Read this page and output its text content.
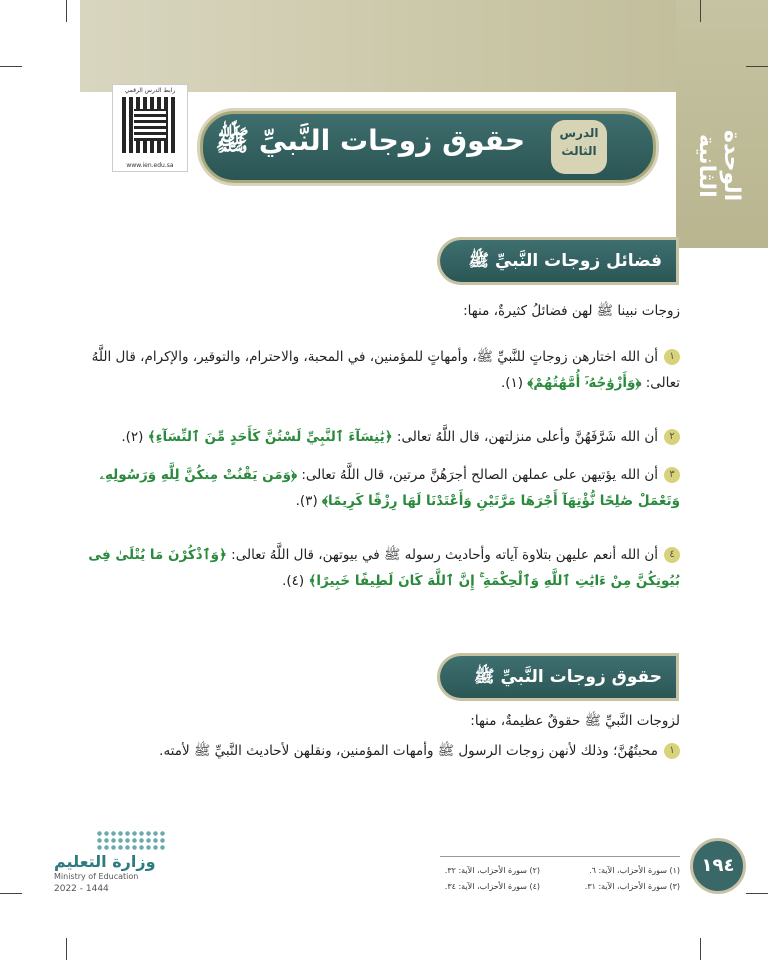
الوحدة الثانية
رابط الدرس الرقمي
www.ien.edu.sa
حقوق زوجات النَّبيِّ ﷺ	الدرس
الثالث
فضائل زوجات النَّبيِّ ﷺ
زوجات نبينا ﷺ لهن فضائلُ كثيرةٌ، منها:
١أن الله اختارهن زوجاتٍ للنَّبيِّ ﷺ، وأمهاتٍ للمؤمنين، في المحبة، والاحترام، والتوقير، والإكرام، قال اللَّهُ تعالى: ﴿وَأَزْوَٰجُهُۥٓ أُمَّهَٰتُهُمْ﴾ (١).
٢أن الله شَرَّفَهُنَّ وأعلى منزلتهن، قال اللَّهُ تعالى: ﴿يَٰنِسَآءَ ٱلنَّبِيِّ لَسْتُنَّ كَأَحَدٍ مِّنَ ٱلنِّسَآءِ﴾ (٢).
٣أن الله يؤتيهن على عملهن الصالح أجرَهُنَّ مرتين، قال اللَّهُ تعالى: ﴿وَمَن يَقْنُتْ مِنكُنَّ لِلَّهِ وَرَسُولِهِۦ وَتَعْمَلْ صَٰلِحًا نُّؤْتِهَآ أَجْرَهَا مَرَّتَيْنِ وَأَعْتَدْنَا لَهَا رِزْقًا كَرِيمًا﴾ (٣).
٤أن الله أنعم عليهن بتلاوة آياته وأحاديث رسوله ﷺ في بيوتهن، قال اللَّهُ تعالى: ﴿وَٱذْكُرْنَ مَا يُتْلَىٰ فِى بُيُوتِكُنَّ مِنْ ءَايَٰتِ ٱللَّهِ وَٱلْحِكْمَةِ ۚ إِنَّ ٱللَّهَ كَانَ لَطِيفًا خَبِيرًا﴾ (٤).
حقوق زوجات النَّبيِّ ﷺ
لزوجات النَّبيِّ ﷺ حقوقٌ عظيمةٌ، منها:
١محبتُهُنَّ؛ وذلك لأنهن زوجات الرسول ﷺ وأمهات المؤمنين، ونقلهن لأحاديث النَّبيِّ ﷺ لأمته.
(١) سورة الأحزاب، الآية: ٦.
(٢) سورة الأحزاب، الآية: ٣٢.
(٣) سورة الأحزاب، الآية: ٣١.
(٤) سورة الأحزاب، الآية: ٣٤.
١٩٤
وزارة التعليم
Ministry of Education
2022 - 1444
